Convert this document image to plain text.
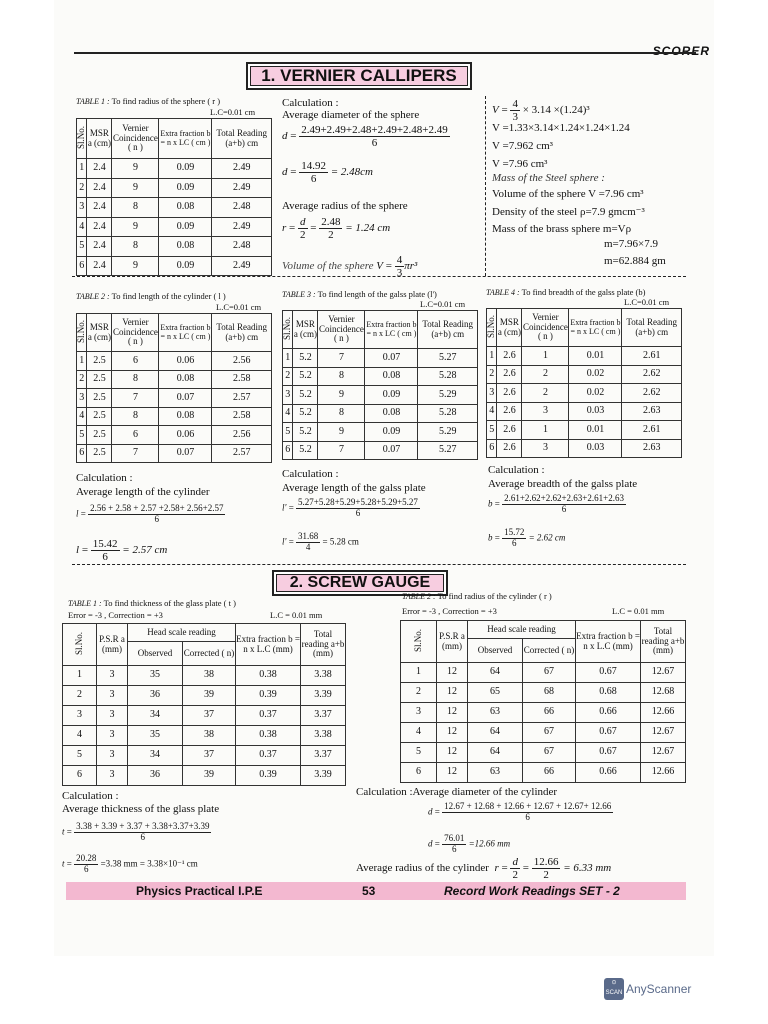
SCORER
1. VERNIER CALLIPERS
TABLE 1 : To find radius of the sphere ( r )
L.C=0.01 cm
Sl.No.	MSR a (cm)	Vernier Coincidence ( n )	Extra fraction b = n x LC ( cm )	Total Reading (a+b) cm
1	2.4	9	0.09	2.49
2	2.4	9	0.09	2.49
3	2.4	8	0.08	2.48
4	2.4	9	0.09	2.49
5	2.4	8	0.08	2.48
6	2.4	9	0.09	2.49
Calculation :
Average diameter of the sphere
$d = \frac{2.49+2.49+2.48+2.49+2.48+2.49}{6}$
$d = \frac{14.92}{6} = 2.48cm$
Average radius of the sphere
$r = \frac{d}{2} = \frac{2.48}{2} = 1.24$ cm
Volume of the sphere $V = \frac{4}{3} \pi r^3$
$V = \frac{4}{3} \times 3.14 \times(1.24)^3$
V =1.33×3.14×1.24×1.24×1.24
V =7.962 cm³
V =7.96 cm³
Mass of the Steel sphere :
Volume of the sphere V =7.96 cm³
Density of the steel ρ=7.9 gmcm⁻³
Mass of the brass sphere m=Vρ
m=7.96×7.9
m=62.884 gm
TABLE 2 : To find length of the cylinder ( l )
L.C=0.01 cm
Sl.No.	MSR a (cm)	Vernier Coincidence ( n )	Extra fraction b = n x LC ( cm )	Total Reading (a+b) cm
1	2.5	6	0.06	2.56
2	2.5	8	0.08	2.58
3	2.5	7	0.07	2.57
4	2.5	8	0.08	2.58
5	2.5	6	0.06	2.56
6	2.5	7	0.07	2.57
Calculation :
Average length of the cylinder
$l = \frac{2.56 + 2.58 + 2.57 +2.58+ 2.56+2.57}{6}$
$l = \frac{15.42}{6} = 2.57$ cm
TABLE 3 : To find length of the galss plate (l')
L.C=0.01 cm
Sl.No.	MSR a (cm)	Vernier Coincidence ( n )	Extra fraction b = n x LC ( cm )	Total Reading (a+b) cm
1	5.2	7	0.07	5.27
2	5.2	8	0.08	5.28
3	5.2	9	0.09	5.29
4	5.2	8	0.08	5.28
5	5.2	9	0.09	5.29
6	5.2	7	0.07	5.27
Calculation :
Average length of the galss plate
$l' = \frac{5.27+5.28+5.29+5.28+5.29+5.27}{6}$
$l' = \frac{31.68}{4} = 5.28$ cm
TABLE 4 : To find breadth of the galss plate (b)
L.C=0.01 cm
Sl.No.	MSR a (cm)	Vernier Coincidence ( n )	Extra fraction b = n x LC ( cm )	Total Reading (a+b) cm
1	2.6	1	0.01	2.61
2	2.6	2	0.02	2.62
3	2.6	2	0.02	2.62
4	2.6	3	0.03	2.63
5	2.6	1	0.01	2.61
6	2.6	3	0.03	2.63
Calculation :
Average breadth of the galss plate
$b = \frac{2.61+2.62+2.62+2.63+2.61+2.63}{6}$
$b = \frac{15.72}{6} = 2.62$ cm
2. SCREW GAUGE
TABLE 1 : To find thickness of the glass plate ( t )
Error = -3 , Correction = +3	L.C = 0.01 mm
Sl.No.	P.S.R a (mm)	Head scale reading		Extra fraction b = n x L.C (mm)	Total reading a+b (mm)
		Observed	Corrected ( n)		
1	3	35	38	0.38	3.38
2	3	36	39	0.39	3.39
3	3	34	37	0.37	3.37
4	3	35	38	0.38	3.38
5	3	34	37	0.37	3.37
6	3	36	39	0.39	3.39
Calculation :
Average thickness of the glass plate
$t = \frac{3.38 + 3.39 + 3.37 + 3.38+3.37+3.39}{6}$
$t = \frac{20.28}{6} =3.38$ mm = 3.38×10⁻¹ cm
TABLE 2 : To find radius of the cylinder ( r )
Error = -3 , Correction = +3	L.C = 0.01 mm
Sl.No.	P.S.R a (mm)	Head scale reading		Extra fraction b = n x L.C (mm)	Total reading a+b (mm)
		Observed	Corrected ( n)		
1	12	64	67	0.67	12.67
2	12	65	68	0.68	12.68
3	12	63	66	0.66	12.66
4	12	64	67	0.67	12.67
5	12	64	67	0.67	12.67
6	12	63	66	0.66	12.66
Calculation :Average diameter of the cylinder
$d = \frac{12.67 + 12.68 + 12.66 + 12.67 + 12.67+ 12.66}{6}$
$d = \frac{76.01}{6} =12.66$ mm
Average radius of the cylinder $r = \frac{d}{2} = \frac{12.66}{2} = 6.33$ mm
Physics Practical I.P.E	53	Record Work Readings SET - 2
⊙
SCAN AnyScanner
